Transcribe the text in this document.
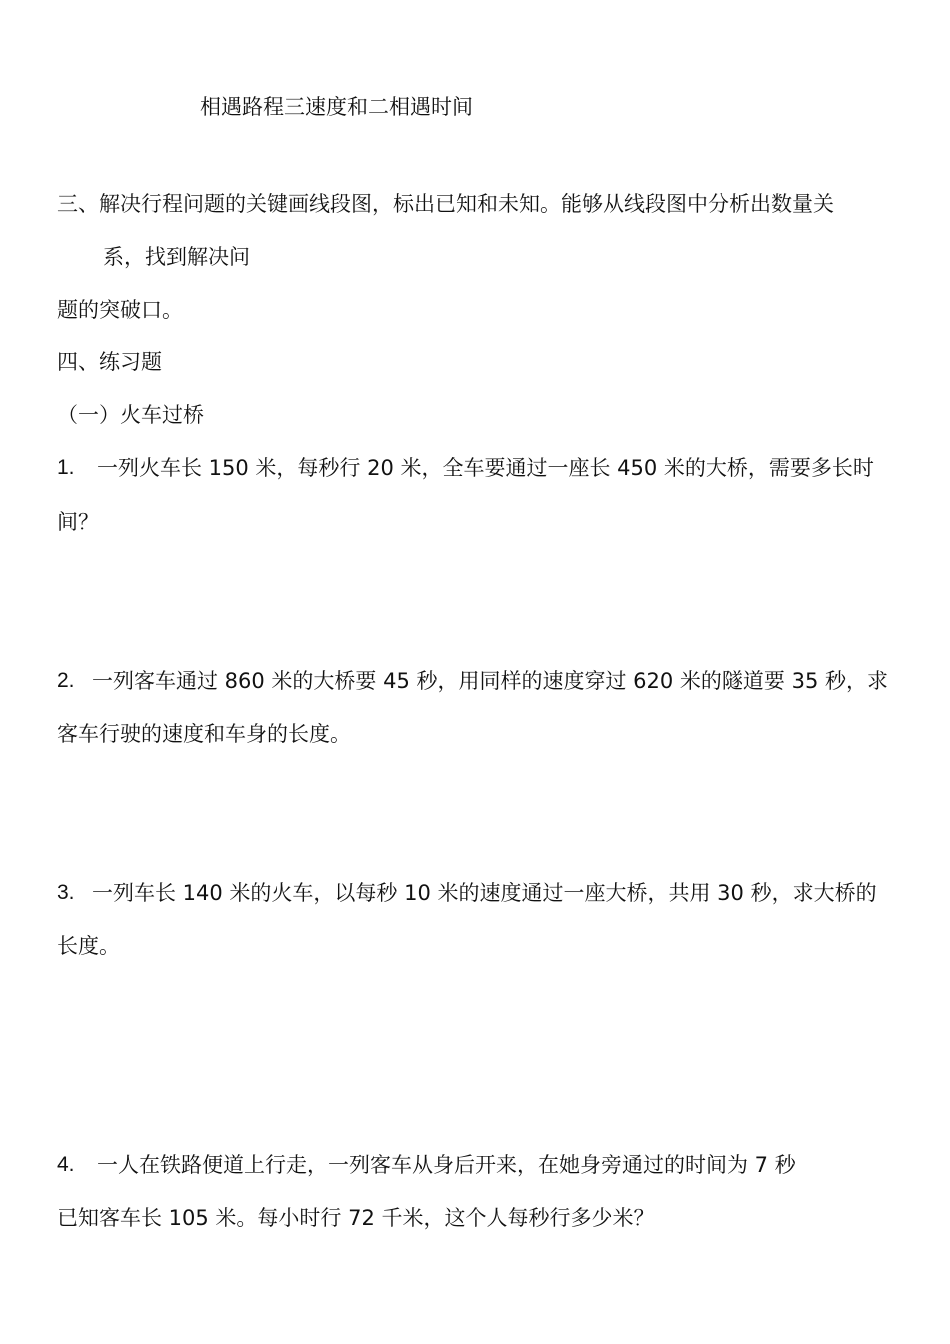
相遇路程三速度和二相遇时间
三、解决行程问题的关键画线段图，标出已知和未知。能够从线段图中分析出数量关
系，找到解决问
题的突破口。
四、练习题
（一）火车过桥
1. 一列火车长 150 米，每秒行 20 米，全车要通过一座长 450 米的大桥，需要多长时
间？
2. 一列客车通过 860 米的大桥要 45 秒，用同样的速度穿过 620 米的隧道要 35 秒，求
客车行驶的速度和车身的长度。
3. 一列车长 140 米的火车，以每秒 10 米的速度通过一座大桥，共用 30 秒，求大桥的
长度。
4. 一人在铁路便道上行走，一列客车从身后开来，在她身旁通过的时间为 7 秒
已知客车长 105 米。每小时行 72 千米，这个人每秒行多少米？
